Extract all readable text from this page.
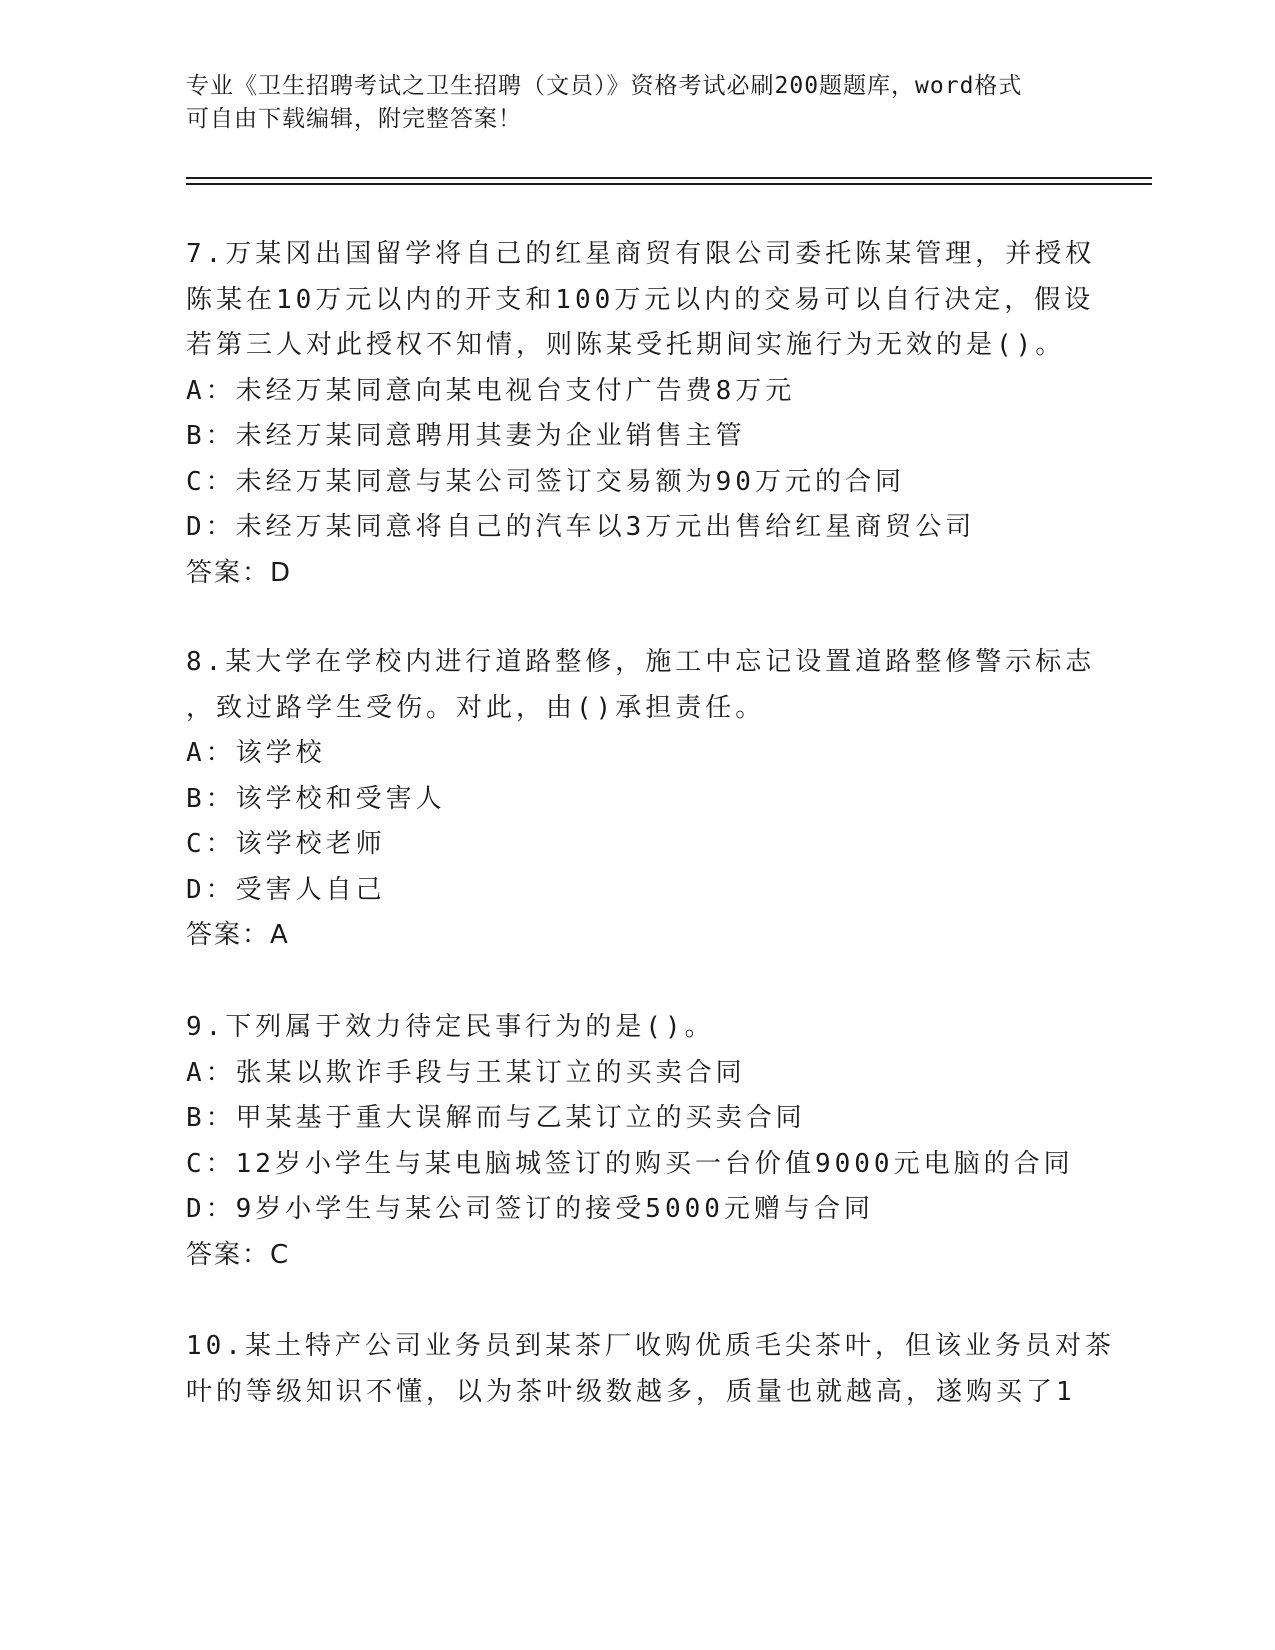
专业《卫生招聘考试之卫生招聘（文员）》资格考试必刷200题题库，word格式
可自由下载编辑，附完整答案！
7.万某冈出国留学将自己的红星商贸有限公司委托陈某管理，并授权
陈某在10万元以内的开支和100万元以内的交易可以自行决定，假设
若第三人对此授权不知情，则陈某受托期间实施行为无效的是()。
A：未经万某同意向某电视台支付广告费8万元
B：未经万某同意聘用其妻为企业销售主管
C：未经万某同意与某公司签订交易额为90万元的合同
D：未经万某同意将自己的汽车以3万元出售给红星商贸公司
答案：D
8.某大学在学校内进行道路整修，施工中忘记设置道路整修警示标志
，致过路学生受伤。对此，由()承担责任。
A：该学校
B：该学校和受害人
C：该学校老师
D：受害人自己
答案：A
9.下列属于效力待定民事行为的是()。
A：张某以欺诈手段与王某订立的买卖合同
B：甲某基于重大误解而与乙某订立的买卖合同
C：12岁小学生与某电脑城签订的购买一台价值9000元电脑的合同
D：9岁小学生与某公司签订的接受5000元赠与合同
答案：C
10.某土特产公司业务员到某茶厂收购优质毛尖茶叶，但该业务员对茶
叶的等级知识不懂，以为茶叶级数越多，质量也就越高，遂购买了1
